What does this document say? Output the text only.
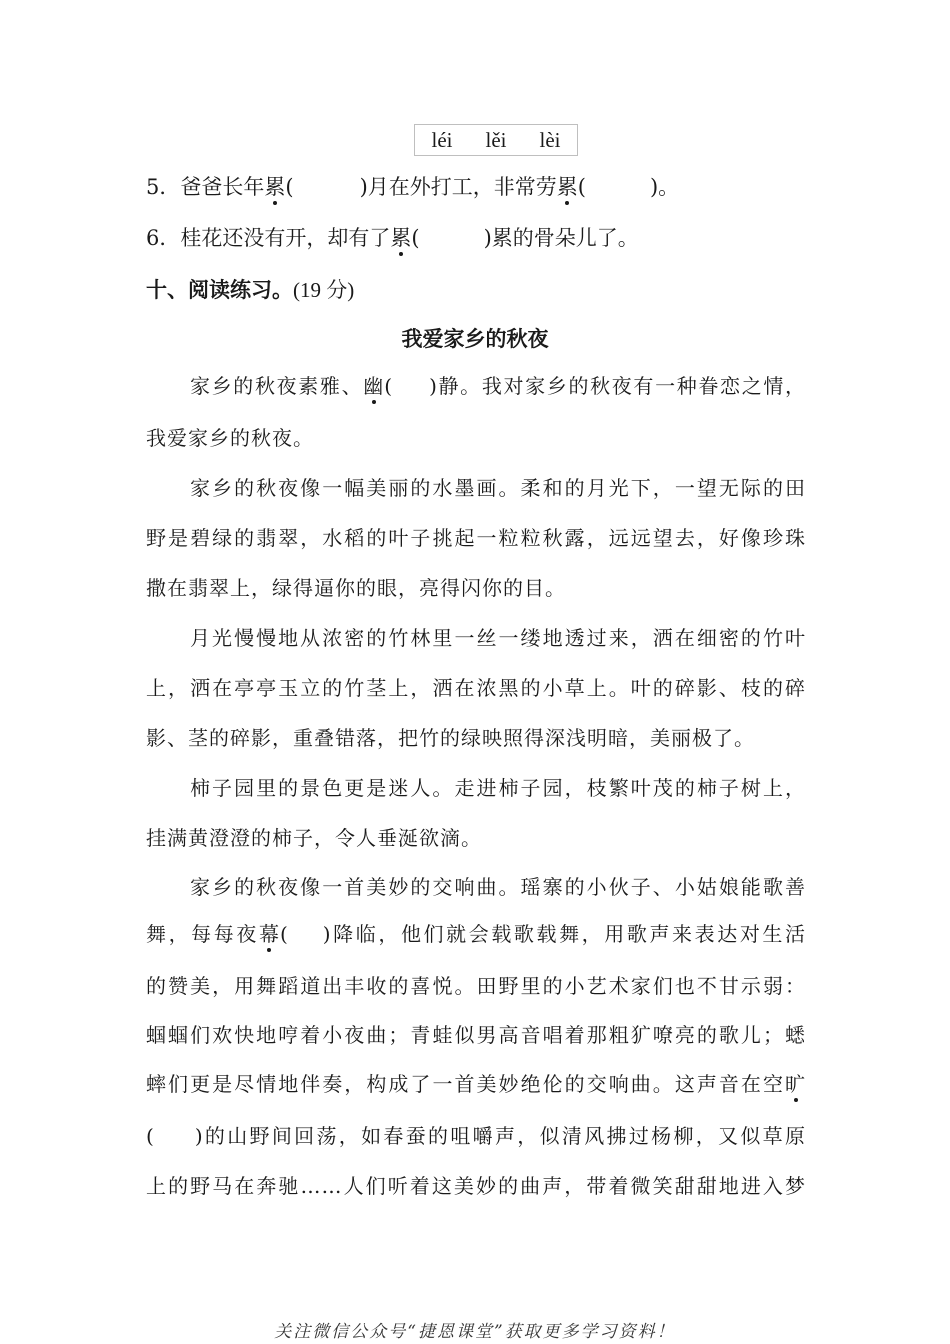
léi lěi lèi
5．爸爸长年累(	)月在外打工，非常劳累(	)。
6．桂花还没有开，却有了累(	)累的骨朵儿了。
十、阅读练习。(19 分)
我爱家乡的秋夜
家乡的秋夜素雅、幽( )静。我对家乡的秋夜有一种眷恋之情，
我爱家乡的秋夜。
家乡的秋夜像一幅美丽的水墨画。柔和的月光下，一望无际的田
野是碧绿的翡翠，水稻的叶子挑起一粒粒秋露，远远望去，好像珍珠
撒在翡翠上，绿得逼你的眼，亮得闪你的目。
月光慢慢地从浓密的竹林里一丝一缕地透过来，洒在细密的竹叶
上，洒在亭亭玉立的竹茎上，洒在浓黑的小草上。叶的碎影、枝的碎
影、茎的碎影，重叠错落，把竹的绿映照得深浅明暗，美丽极了。
柿子园里的景色更是迷人。走进柿子园，枝繁叶茂的柿子树上，
挂满黄澄澄的柿子，令人垂涎欲滴。
家乡的秋夜像一首美妙的交响曲。瑶寨的小伙子、小姑娘能歌善
舞，每每夜幕( )降临，他们就会载歌载舞，用歌声来表达对生活
的赞美，用舞蹈道出丰收的喜悦。田野里的小艺术家们也不甘示弱：
蝈蝈们欢快地哼着小夜曲；青蛙似男高音唱着那粗犷嘹亮的歌儿；蟋
蟀们更是尽情地伴奏，构成了一首美妙绝伦的交响曲。这声音在空旷
( )的山野间回荡，如春蚕的咀嚼声，似清风拂过杨柳，又似草原
上的野马在奔驰……人们听着这美妙的曲声，带着微笑甜甜地进入梦
关注微信公众号“捷恩课堂”获取更多学习资料！
